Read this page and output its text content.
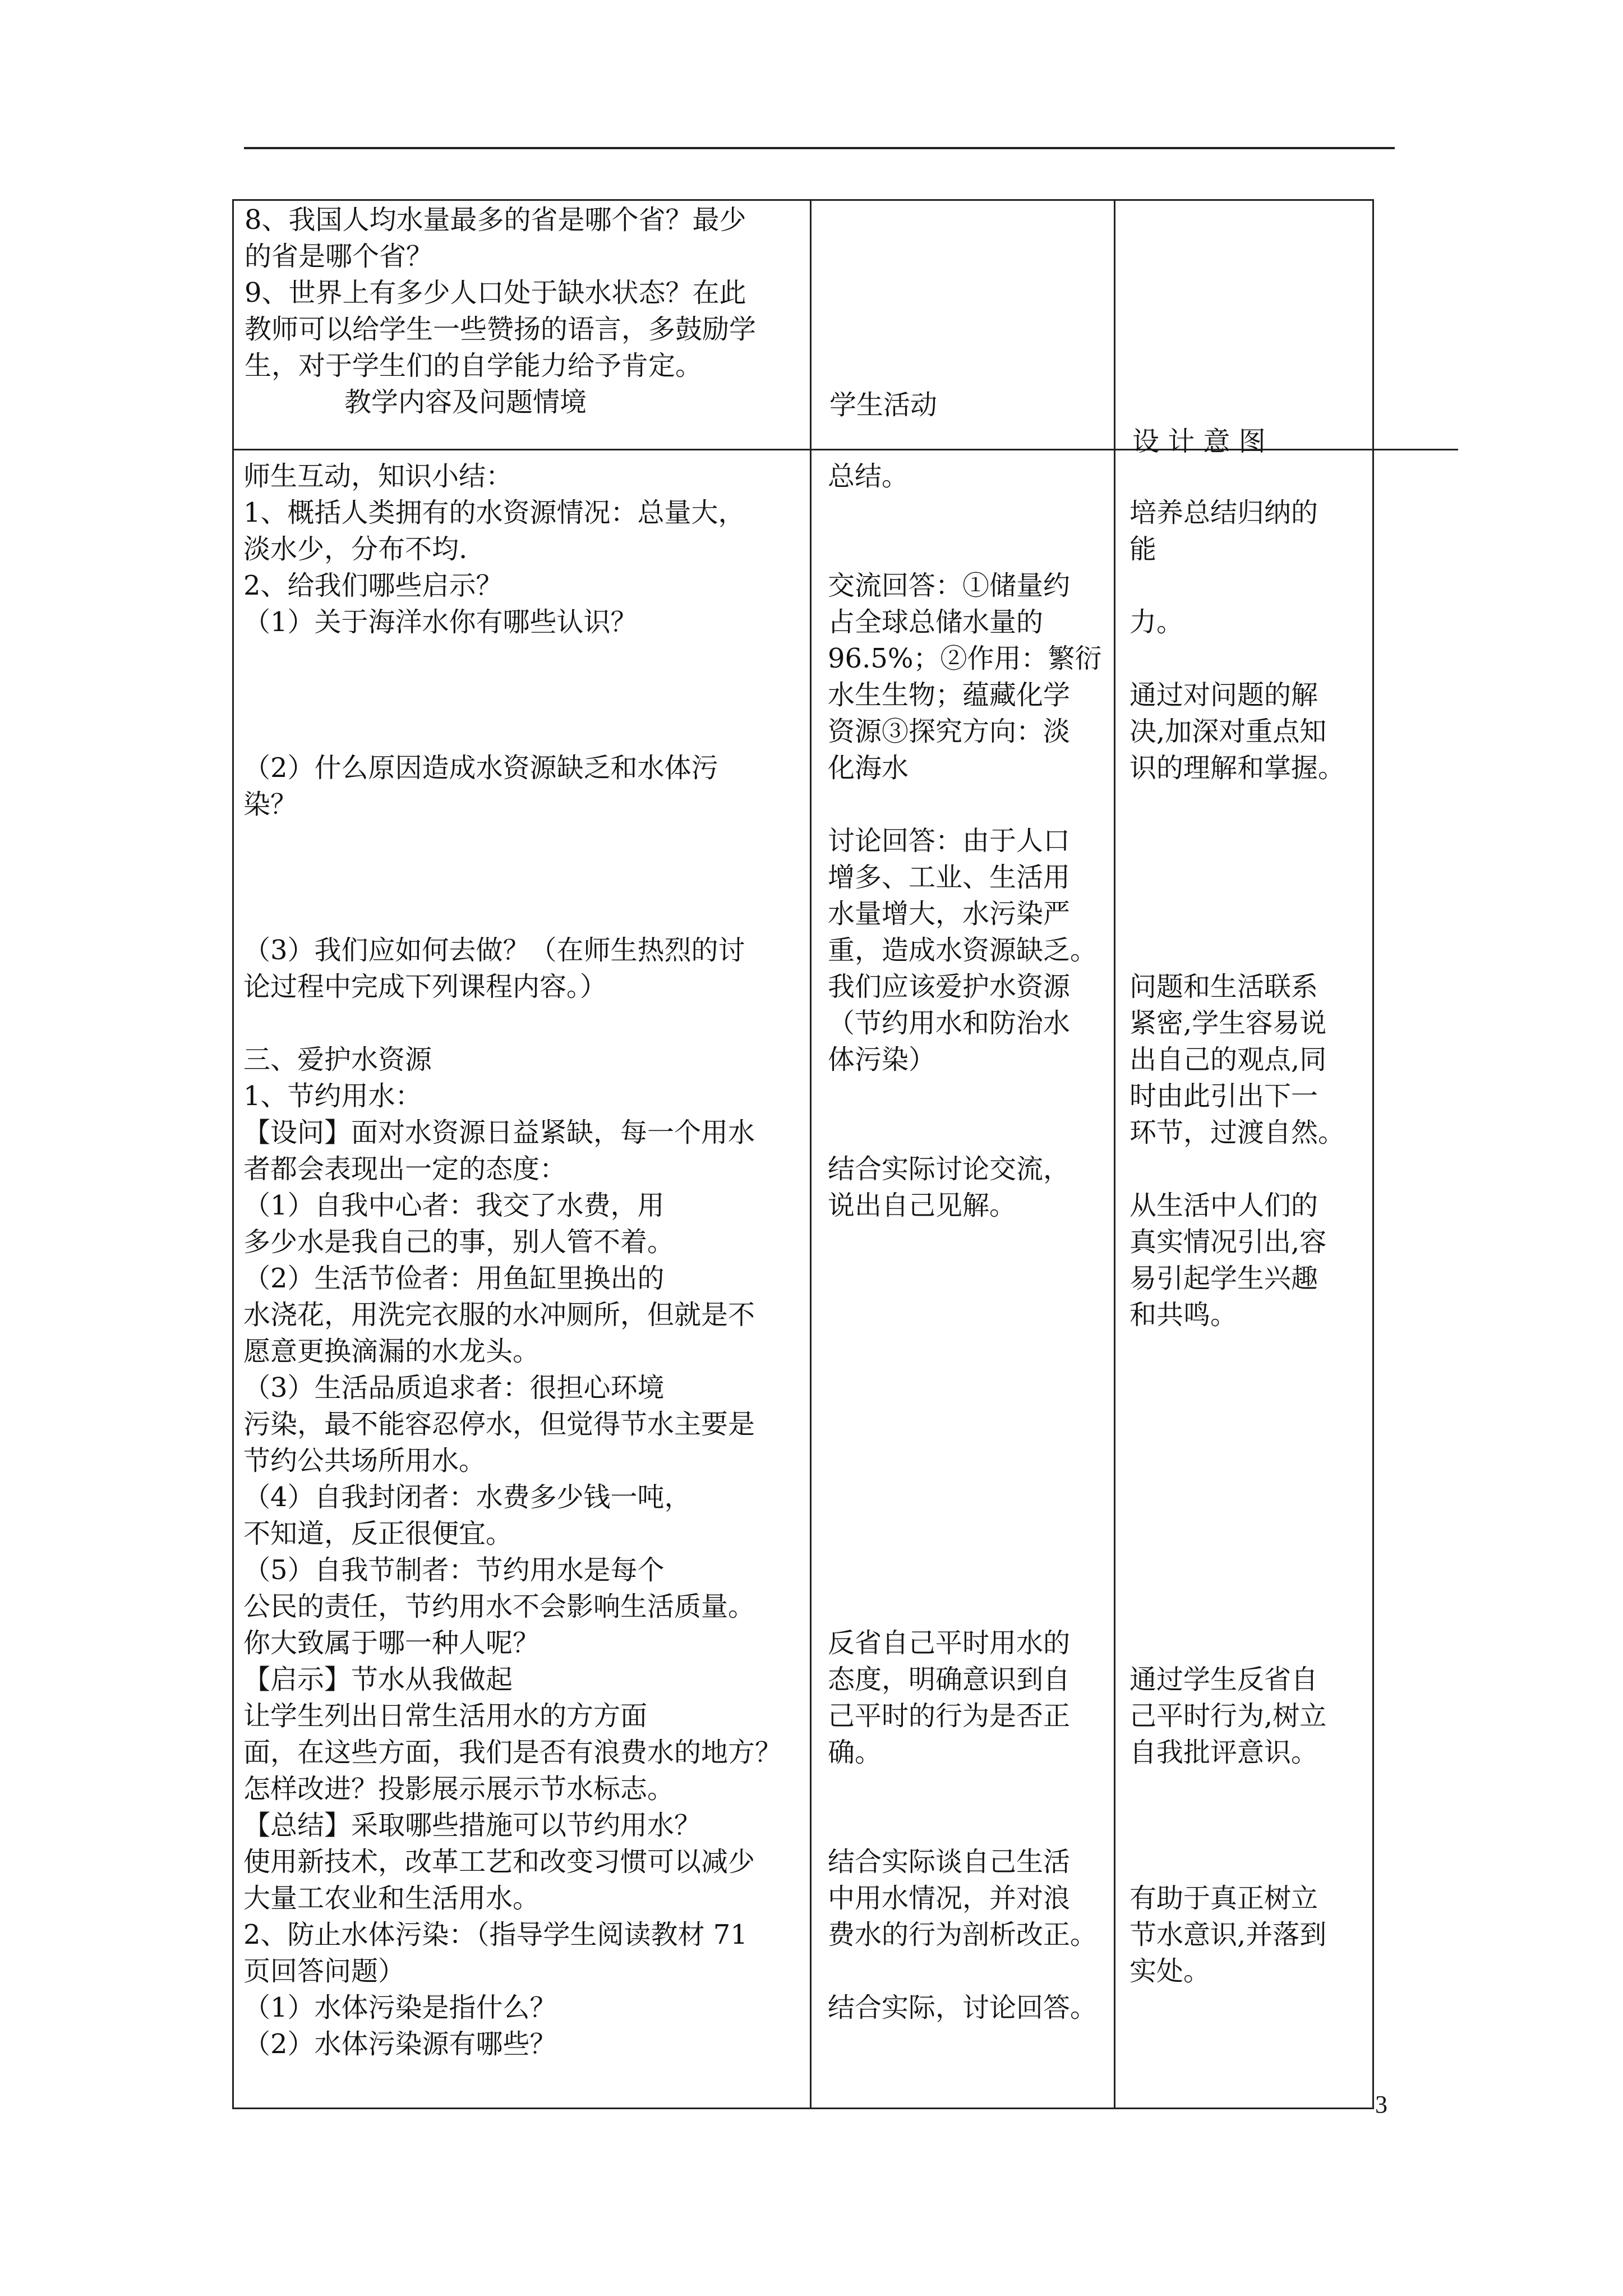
8、我国人均水量最多的省是哪个省？最少

的省是哪个省？

9、世界上有多少人口处于缺水状态？在此

教师可以给学生一些赞扬的语言，多鼓励学

生，对于学生们的自学能力给予肯定。

教学内容及问题情境	学生活动

设 计 意 图

师生互动，知识小结：

1、概括人类拥有的水资源情况：总量大，

淡水少，分布不均.

2、给我们哪些启示？

（1）关于海洋水你有哪些认识？

（2）什么原因造成水资源缺乏和水体污

染？

（3）我们应如何去做？（在师生热烈的讨

论过程中完成下列课程内容。）

三、爱护水资源

1、节约用水：

【设问】面对水资源日益紧缺，每一个用水

者都会表现出一定的态度：

（1）自我中心者：我交了水费，用

多少水是我自己的事，别人管不着。

（2）生活节俭者：用鱼缸里换出的

水浇花，用洗完衣服的水冲厕所，但就是不

愿意更换滴漏的水龙头。

（3）生活品质追求者：很担心环境

污染，最不能容忍停水，但觉得节水主要是

节约公共场所用水。

（4）自我封闭者：水费多少钱一吨，

不知道，反正很便宜。

（5）自我节制者：节约用水是每个

公民的责任，节约用水不会影响生活质量。

你大致属于哪一种人呢？

【启示】节水从我做起

让学生列出日常生活用水的方方面

面，在这些方面，我们是否有浪费水的地方？

怎样改进？投影展示展示节水标志。

【总结】采取哪些措施可以节约用水？

使用新技术，改革工艺和改变习惯可以减少

大量工农业和生活用水。

2、防止水体污染：（指导学生阅读教材 71

页回答问题）

（1）水体污染是指什么？

（2）水体污染源有哪些？

总结。

交流回答：①储量约

占全球总储水量的

96.5%；②作用：繁衍

水生生物；蕴藏化学

资源③探究方向：淡

化海水

讨论回答：由于人口

增多、工业、生活用

水量增大，水污染严

重，造成水资源缺乏。

我们应该爱护水资源

（节约用水和防治水

体污染）

结合实际讨论交流，

说出自己见解。

反省自己平时用水的

态度，明确意识到自

己平时的行为是否正

确。

结合实际谈自己生活

中用水情况，并对浪

费水的行为剖析改正。

结合实际，讨论回答。

培养总结归纳的

能

力。

通过对问题的解

决,加深对重点知

识的理解和掌握。

问题和生活联系

紧密,学生容易说

出自己的观点,同

时由此引出下一

环节，过渡自然。

从生活中人们的

真实情况引出,容

易引起学生兴趣

和共鸣。

通过学生反省自

己平时行为,树立

自我批评意识。

有助于真正树立

节水意识,并落到

实处。

3
